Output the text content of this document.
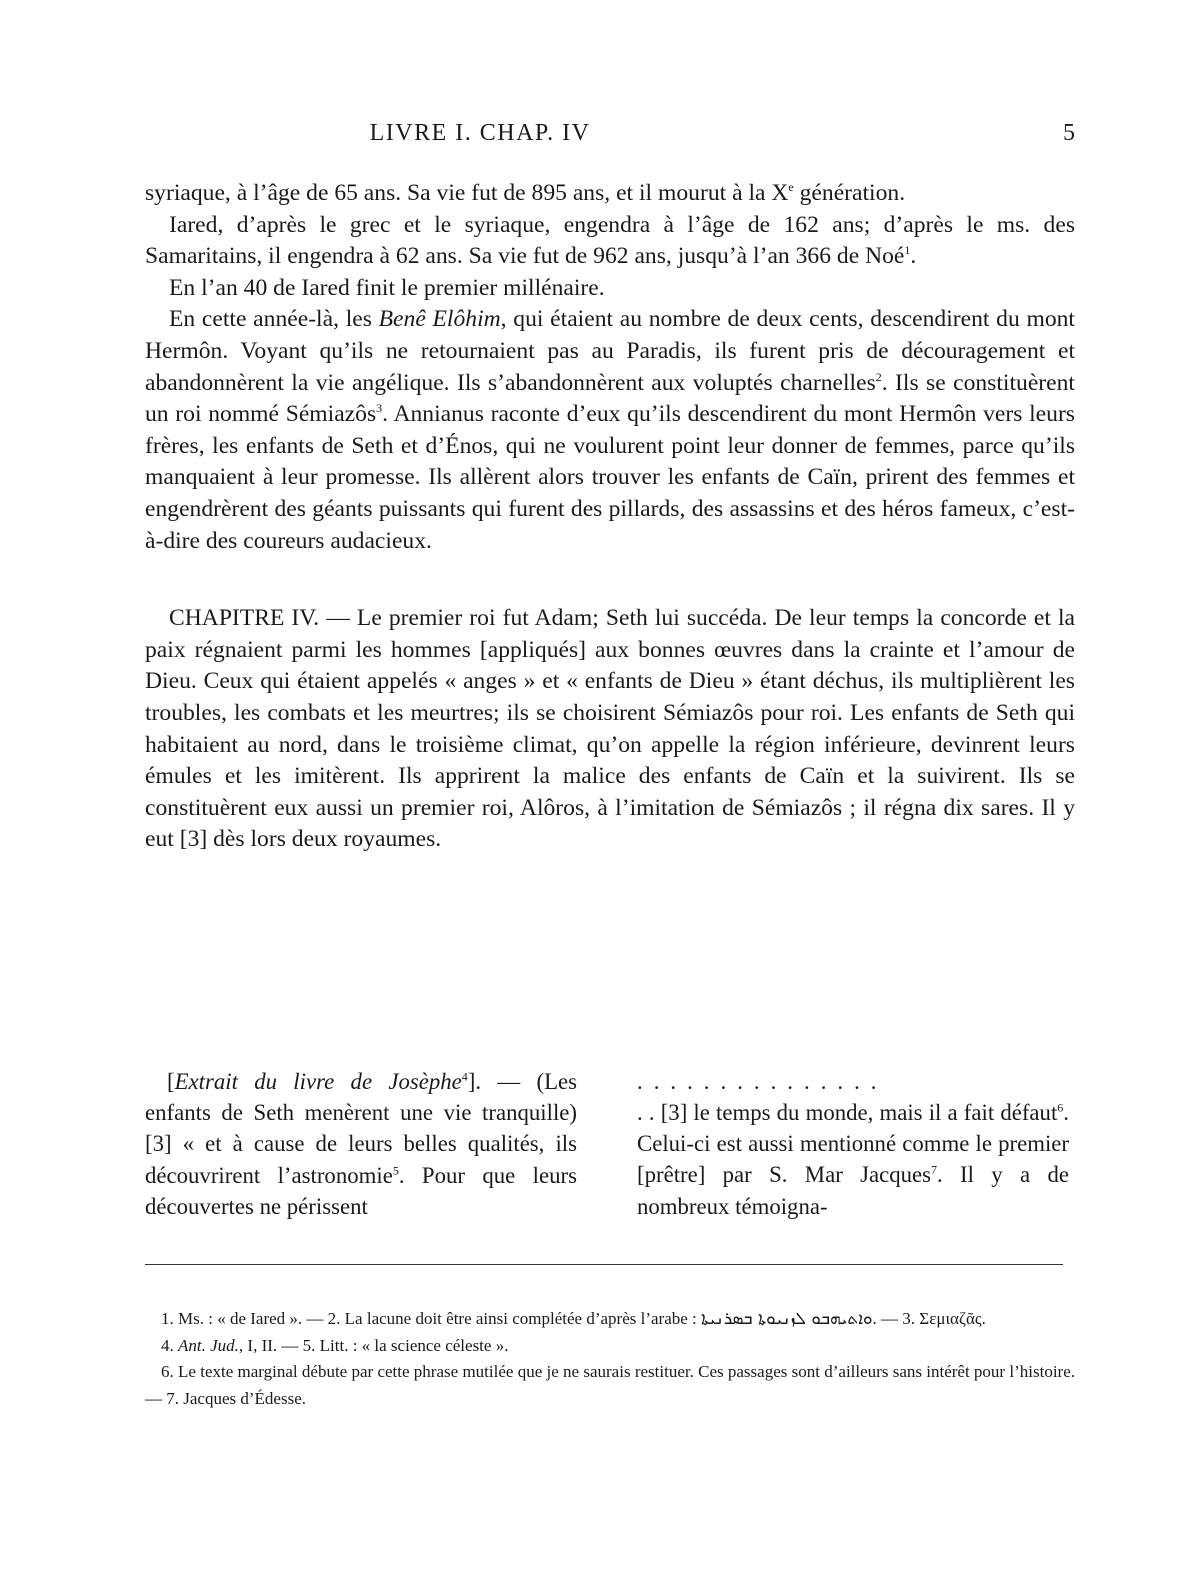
LIVRE I. CHAP. IV	5

syriaque, à l’âge de 65 ans. Sa vie fut de 895 ans, et il mourut à la Xe génération.

Iared, d’après le grec et le syriaque, engendra à l’âge de 162 ans; d’après le ms. des Samaritains, il engendra à 62 ans. Sa vie fut de 962 ans, jusqu’à l’an 366 de Noé$^1$.

En l’an 40 de Iared finit le premier millénaire.

En cette année-là, les Benê Elôhim, qui étaient au nombre de deux cents, descendirent du mont Hermôn. Voyant qu’ils ne retournaient pas au Paradis, ils furent pris de découragement et abandonnèrent la vie angélique. Ils s’abandonnèrent aux voluptés charnelles$^2$. Ils se constituèrent un roi nommé Sémiazôs$^3$. Annianus raconte d’eux qu’ils descendirent du mont Hermôn vers leurs frères, les enfants de Seth et d’Énos, qui ne voulurent point leur donner de femmes, parce qu’ils manquaient à leur promesse. Ils allèrent alors trouver les enfants de Caïn, prirent des femmes et engendrèrent des géants puissants qui furent des pillards, des assassins et des héros fameux, c’est-à-dire des coureurs audacieux.

CHAPITRE IV. — Le premier roi fut Adam; Seth lui succéda. De leur temps la concorde et la paix régnaient parmi les hommes [appliqués] aux bonnes œuvres dans la crainte et l’amour de Dieu. Ceux qui étaient appelés « anges » et « enfants de Dieu » étant déchus, ils multiplièrent les troubles, les combats et les meurtres; ils se choisirent Sémiazôs pour roi. Les enfants de Seth qui habitaient au nord, dans le troisième climat, qu’on appelle la région inférieure, devinrent leurs émules et les imitèrent. Ils apprirent la malice des enfants de Caïn et la suivirent. Ils se constituèrent eux aussi un premier roi, Alôros, à l’imitation de Sémiazôs ; il régna dix sares. Il y eut [3] dès lors deux royaumes.

[Extrait du livre de Josèphe$^4$]. — (Les enfants de Seth menèrent une vie tranquille) [3] « et à cause de leurs belles qualités, ils découvrirent l’astronomie$^5$. Pour que leurs découvertes ne périssent

...............

. . [3] le temps du monde, mais il a fait défaut$^6$. Celui-ci est aussi mentionné comme le premier [prêtre] par S. Mar Jacques$^7$. Il y a de nombreux témoigna-

1. Ms. : « de Iared ». — 2. La lacune doit être ainsi complétée d’après l’arabe : ܘܐܬܝܗܒܘ ܠܙܢܝܘܬܐ ܒܣܪܢܝܬܐ. — 3. Σεμιαζᾶς.

4. Ant. Jud., I, II. — 5. Litt. : « la science céleste ».

6. Le texte marginal débute par cette phrase mutilée que je ne saurais restituer. Ces passages sont d’ailleurs sans intérêt pour l’histoire. — 7. Jacques d’Édesse.
